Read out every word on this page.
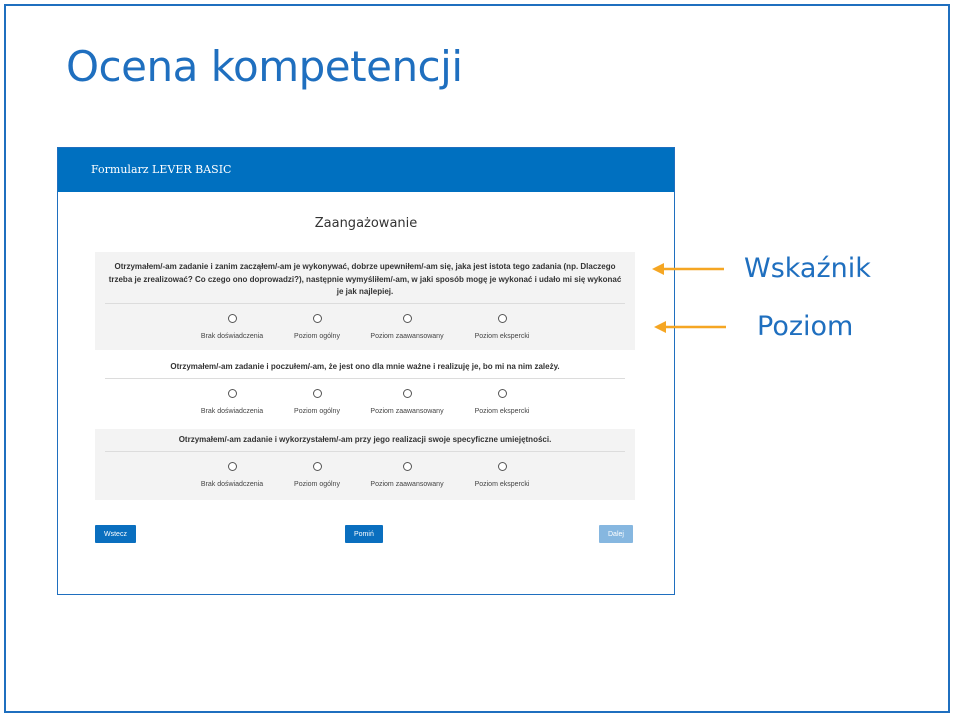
Ocena kompetencji
Formularz LEVER BASIC
Zaangażowanie

Otrzymałem/-am zadanie i zanim zacząłem/-am je wykonywać, dobrze upewniłem/-am się, jaka jest istota tego zadania (np. Dlaczego trzeba je zrealizować? Co czego ono doprowadzi?), następnie wymyśliłem/-am, w jaki sposób mogę je wykonać i udało mi się wykonać je jak najlepiej.

Brak doświadczenia	Poziom ogólny	Poziom zaawansowany	Poziom ekspercki

Otrzymałem/-am zadanie i poczułem/-am, że jest ono dla mnie ważne i realizuję je, bo mi na nim zależy.

Brak doświadczenia	Poziom ogólny	Poziom zaawansowany	Poziom ekspercki

Otrzymałem/-am zadanie i wykorzystałem/-am przy jego realizacji swoje specyficzne umiejętności.

Brak doświadczenia	Poziom ogólny	Poziom zaawansowany	Poziom ekspercki
Wstecz	Pomiń	Dalej
Wskaźnik
Poziom
